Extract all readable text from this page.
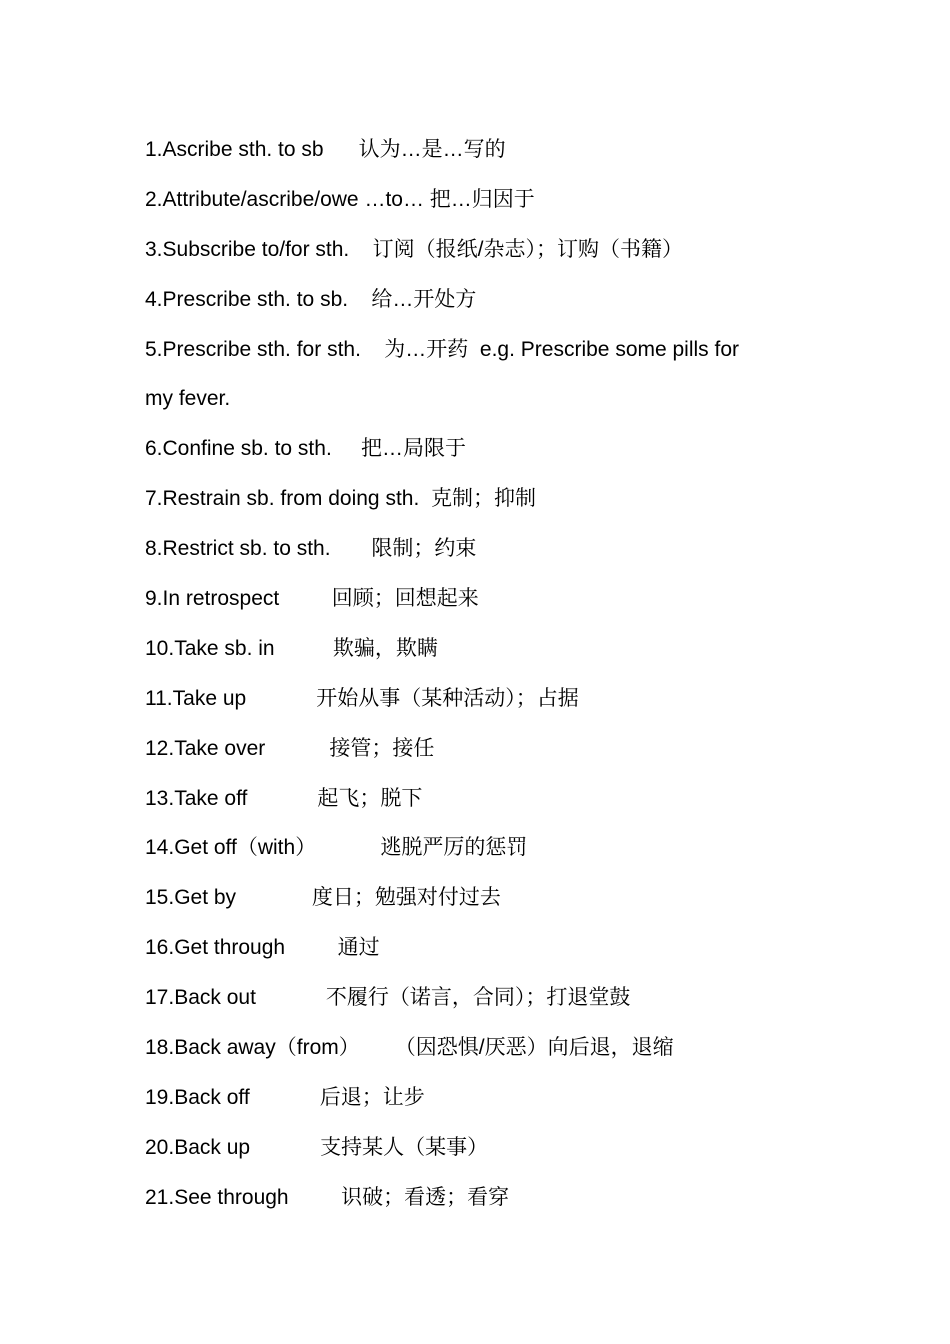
1.Ascribe sth. to sb      认为…是…写的
2.Attribute/ascribe/owe …to… 把…归因于
3.Subscribe to/for sth.    订阅（报纸/杂志）；订购（书籍）
4.Prescribe sth. to sb.    给…开处方
5.Prescribe sth. for sth.    为…开药  e.g. Prescribe some pills for
my fever.
6.Confine sb. to sth.     把…局限于
7.Restrain sb. from doing sth.  克制；抑制
8.Restrict sb. to sth.       限制；约束
9.In retrospect         回顾；回想起来
10.Take sb. in          欺骗，欺瞒
11.Take up            开始从事（某种活动）；占据
12.Take over           接管；接任
13.Take off            起飞；脱下
14.Get off（with）           逃脱严厉的惩罚
15.Get by             度日；勉强对付过去
16.Get through         通过
17.Back out            不履行（诺言，合同）；打退堂鼓
18.Back away（from）      （因恐惧/厌恶）向后退，退缩
19.Back off            后退；让步
20.Back up            支持某人（某事）
21.See through         识破；看透；看穿
